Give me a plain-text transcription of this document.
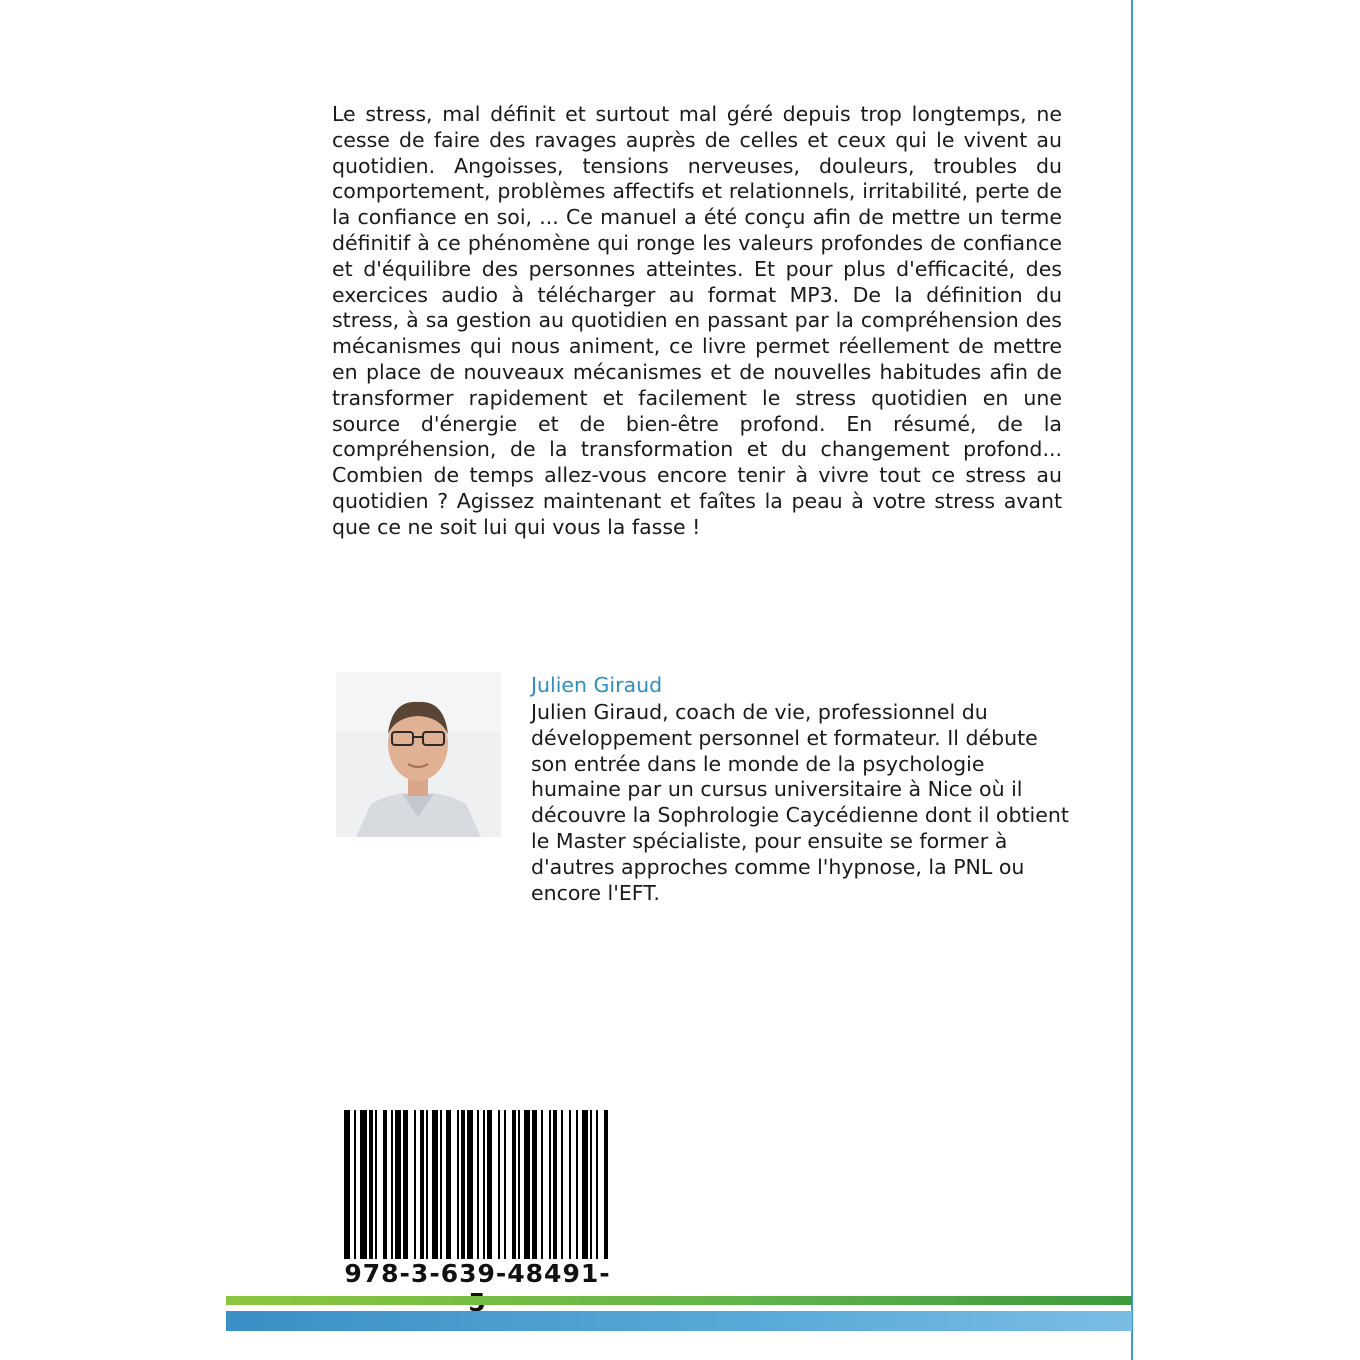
Le stress, mal définit et surtout mal géré depuis trop longtemps, ne cesse de faire des ravages auprès de celles et ceux qui le vivent au quotidien. Angoisses, tensions nerveuses, douleurs, troubles du comportement, problèmes affectifs et relationnels, irritabilité, perte de la confiance en soi, ... Ce manuel a été conçu afin de mettre un terme définitif à ce phénomène qui ronge les valeurs profondes de confiance et d'équilibre des personnes atteintes. Et pour plus d'efficacité, des exercices audio à télécharger au format MP3. De la définition du stress, à sa gestion au quotidien en passant par la compréhension des mécanismes qui nous animent, ce livre permet réellement de mettre en place de nouveaux mécanismes et de nouvelles habitudes afin de transformer rapidement et facilement le stress quotidien en une source d'énergie et de bien-être profond. En résumé, de la compréhension, de la transformation et du changement profond... Combien de temps allez-vous encore tenir à vivre tout ce stress au quotidien ? Agissez maintenant et faîtes la peau à votre stress avant que ce ne soit lui qui vous la fasse !

Julien Giraud

Julien Giraud, coach de vie, professionnel du développement personnel et formateur. Il débute son entrée dans le monde de la psychologie humaine par un cursus universitaire à Nice où il découvre la Sophrologie Caycédienne dont il obtient le Master spécialiste, pour ensuite se former à d'autres approches comme l'hypnose, la PNL ou encore l'EFT.

978-3-639-48491-
